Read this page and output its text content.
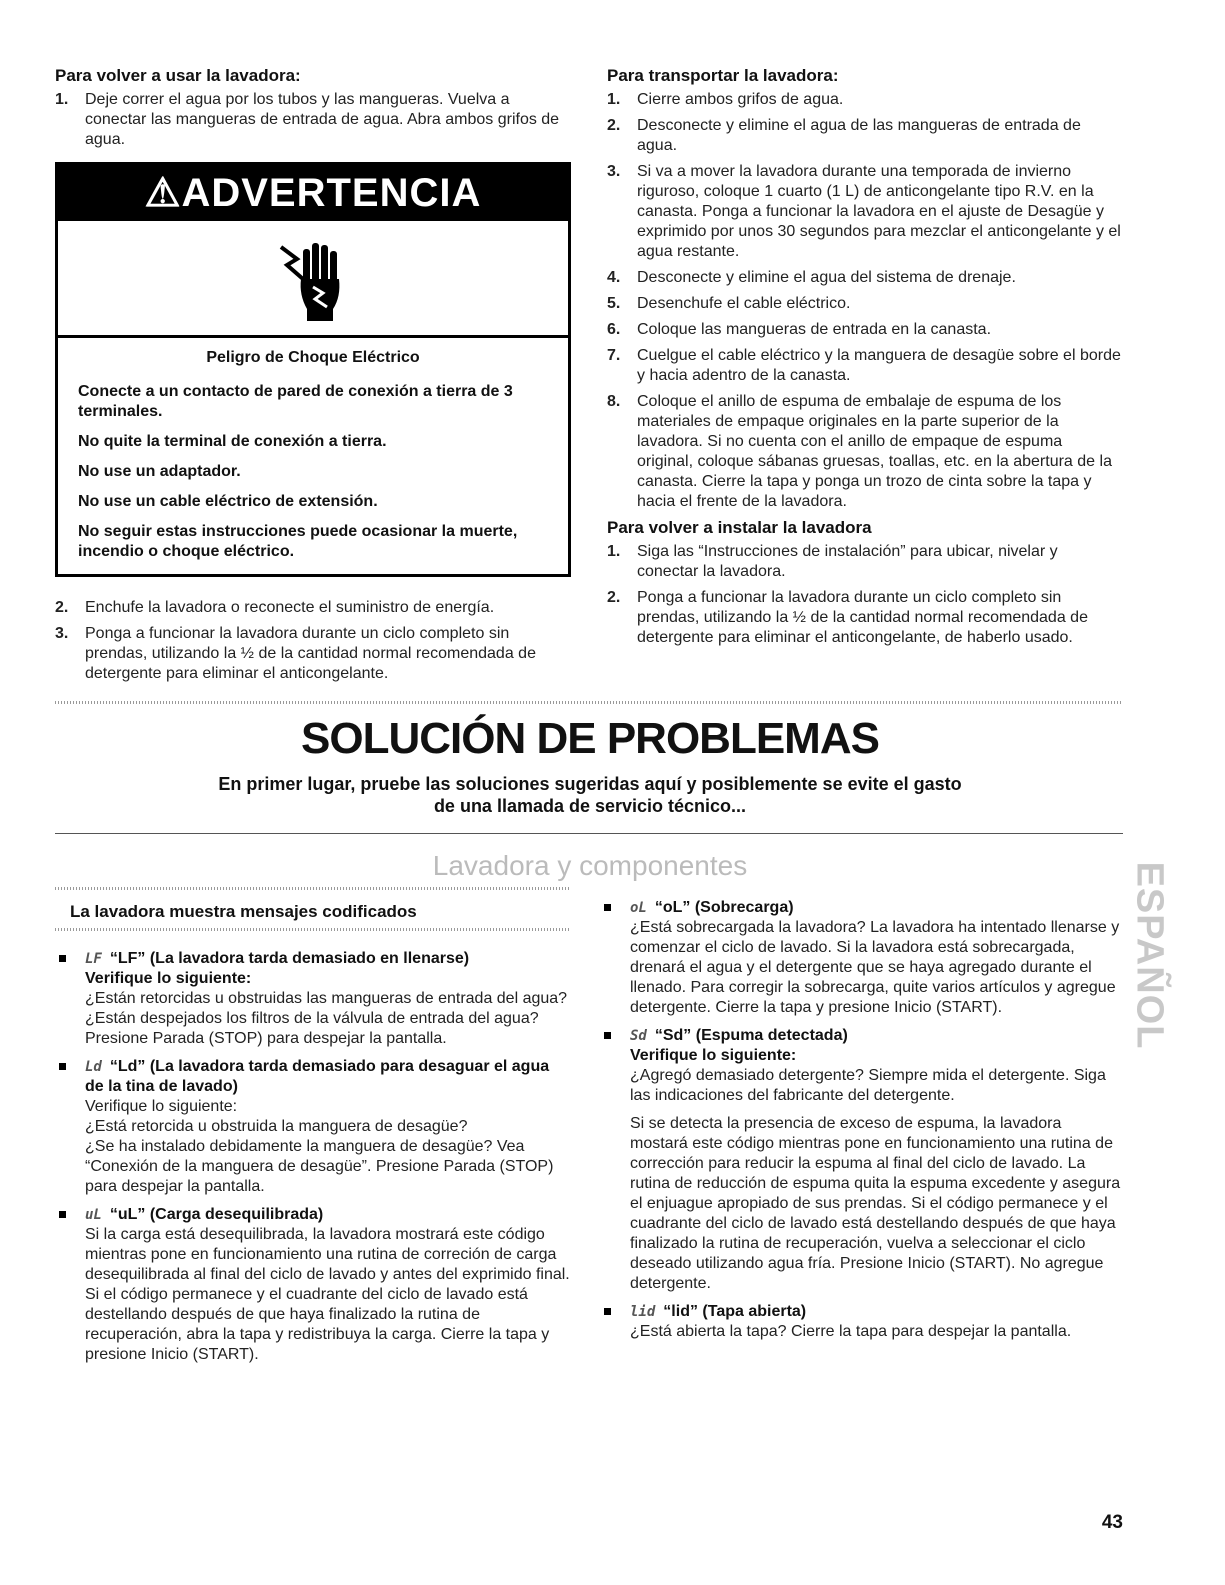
Para volver a usar la lavadora:
1. Deje correr el agua por los tubos y las mangueras. Vuelva a conectar las mangueras de entrada de agua. Abra ambos grifos de agua.
⚠ADVERTENCIA
Peligro de Choque Eléctrico
Conecte a un contacto de pared de conexión a tierra de 3 terminales.
No quite la terminal de conexión a tierra.
No use un adaptador.
No use un cable eléctrico de extensión.
No seguir estas instrucciones puede ocasionar la muerte, incendio o choque eléctrico.
2. Enchufe la lavadora o reconecte el suministro de energía.
3. Ponga a funcionar la lavadora durante un ciclo completo sin prendas, utilizando la ½ de la cantidad normal recomendada de detergente para eliminar el anticongelante.
Para transportar la lavadora:
1. Cierre ambos grifos de agua.
2. Desconecte y elimine el agua de las mangueras de entrada de agua.
3. Si va a mover la lavadora durante una temporada de invierno riguroso, coloque 1 cuarto (1 L) de anticongelante tipo R.V. en la canasta. Ponga a funcionar la lavadora en el ajuste de Desagüe y exprimido por unos 30 segundos para mezclar el anticongelante y el agua restante.
4. Desconecte y elimine el agua del sistema de drenaje.
5. Desenchufe el cable eléctrico.
6. Coloque las mangueras de entrada en la canasta.
7. Cuelgue el cable eléctrico y la manguera de desagüe sobre el borde y hacia adentro de la canasta.
8. Coloque el anillo de espuma de embalaje de espuma de los materiales de empaque originales en la parte superior de la lavadora. Si no cuenta con el anillo de empaque de espuma original, coloque sábanas gruesas, toallas, etc. en la abertura de la canasta. Cierre la tapa y ponga un trozo de cinta sobre la tapa y hacia el frente de la lavadora.
Para volver a instalar la lavadora
1. Siga las “Instrucciones de instalación” para ubicar, nivelar y conectar la lavadora.
2. Ponga a funcionar la lavadora durante un ciclo completo sin prendas, utilizando la ½ de la cantidad normal recomendada de detergente para eliminar el anticongelante, de haberlo usado.
SOLUCIÓN DE PROBLEMAS
En primer lugar, pruebe las soluciones sugeridas aquí y posiblemente se evite el gasto
de una llamada de servicio técnico...
Lavadora y componentes	ESPAÑOL
La lavadora muestra mensajes codificados
LF “LF” (La lavadora tarda demasiado en llenarse)
Verifique lo siguiente:
¿Están retorcidas u obstruidas las mangueras de entrada del agua?
¿Están despejados los filtros de la válvula de entrada del agua?
Presione Parada (STOP) para despejar la pantalla.
Ld “Ld” (La lavadora tarda demasiado para desaguar el agua de la tina de lavado)
Verifique lo siguiente:
¿Está retorcida u obstruida la manguera de desagüe?
¿Se ha instalado debidamente la manguera de desagüe? Vea “Conexión de la manguera de desagüe”. Presione Parada (STOP) para despejar la pantalla.
uL “uL” (Carga desequilibrada)
Si la carga está desequilibrada, la lavadora mostrará este código mientras pone en funcionamiento una rutina de correción de carga desequilibrada al final del ciclo de lavado y antes del exprimido final. Si el código permanece y el cuadrante del ciclo de lavado está destellando después de que haya finalizado la rutina de recuperación, abra la tapa y redistribuya la carga. Cierre la tapa y presione Inicio (START).
oL “oL” (Sobrecarga)
¿Está sobrecargada la lavadora? La lavadora ha intentado llenarse y comenzar el ciclo de lavado. Si la lavadora está sobrecargada, drenará el agua y el detergente que se haya agregado durante el llenado. Para corregir la sobrecarga, quite varios artículos y agregue detergente. Cierre la tapa y presione Inicio (START).
Sd “Sd” (Espuma detectada)
Verifique lo siguiente:
¿Agregó demasiado detergente? Siempre mida el detergente. Siga las indicaciones del fabricante del detergente.
Si se detecta la presencia de exceso de espuma, la lavadora mostará este código mientras pone en funcionamiento una rutina de corrección para reducir la espuma al final del ciclo de lavado. La rutina de reducción de espuma quita la espuma excedente y asegura el enjuague apropiado de sus prendas. Si el código permanece y el cuadrante del ciclo de lavado está destellando después de que haya finalizado la rutina de recuperación, vuelva a seleccionar el ciclo deseado utilizando agua fría. Presione Inicio (START). No agregue detergente.
lid “lid” (Tapa abierta)
¿Está abierta la tapa? Cierre la tapa para despejar la pantalla.
43
